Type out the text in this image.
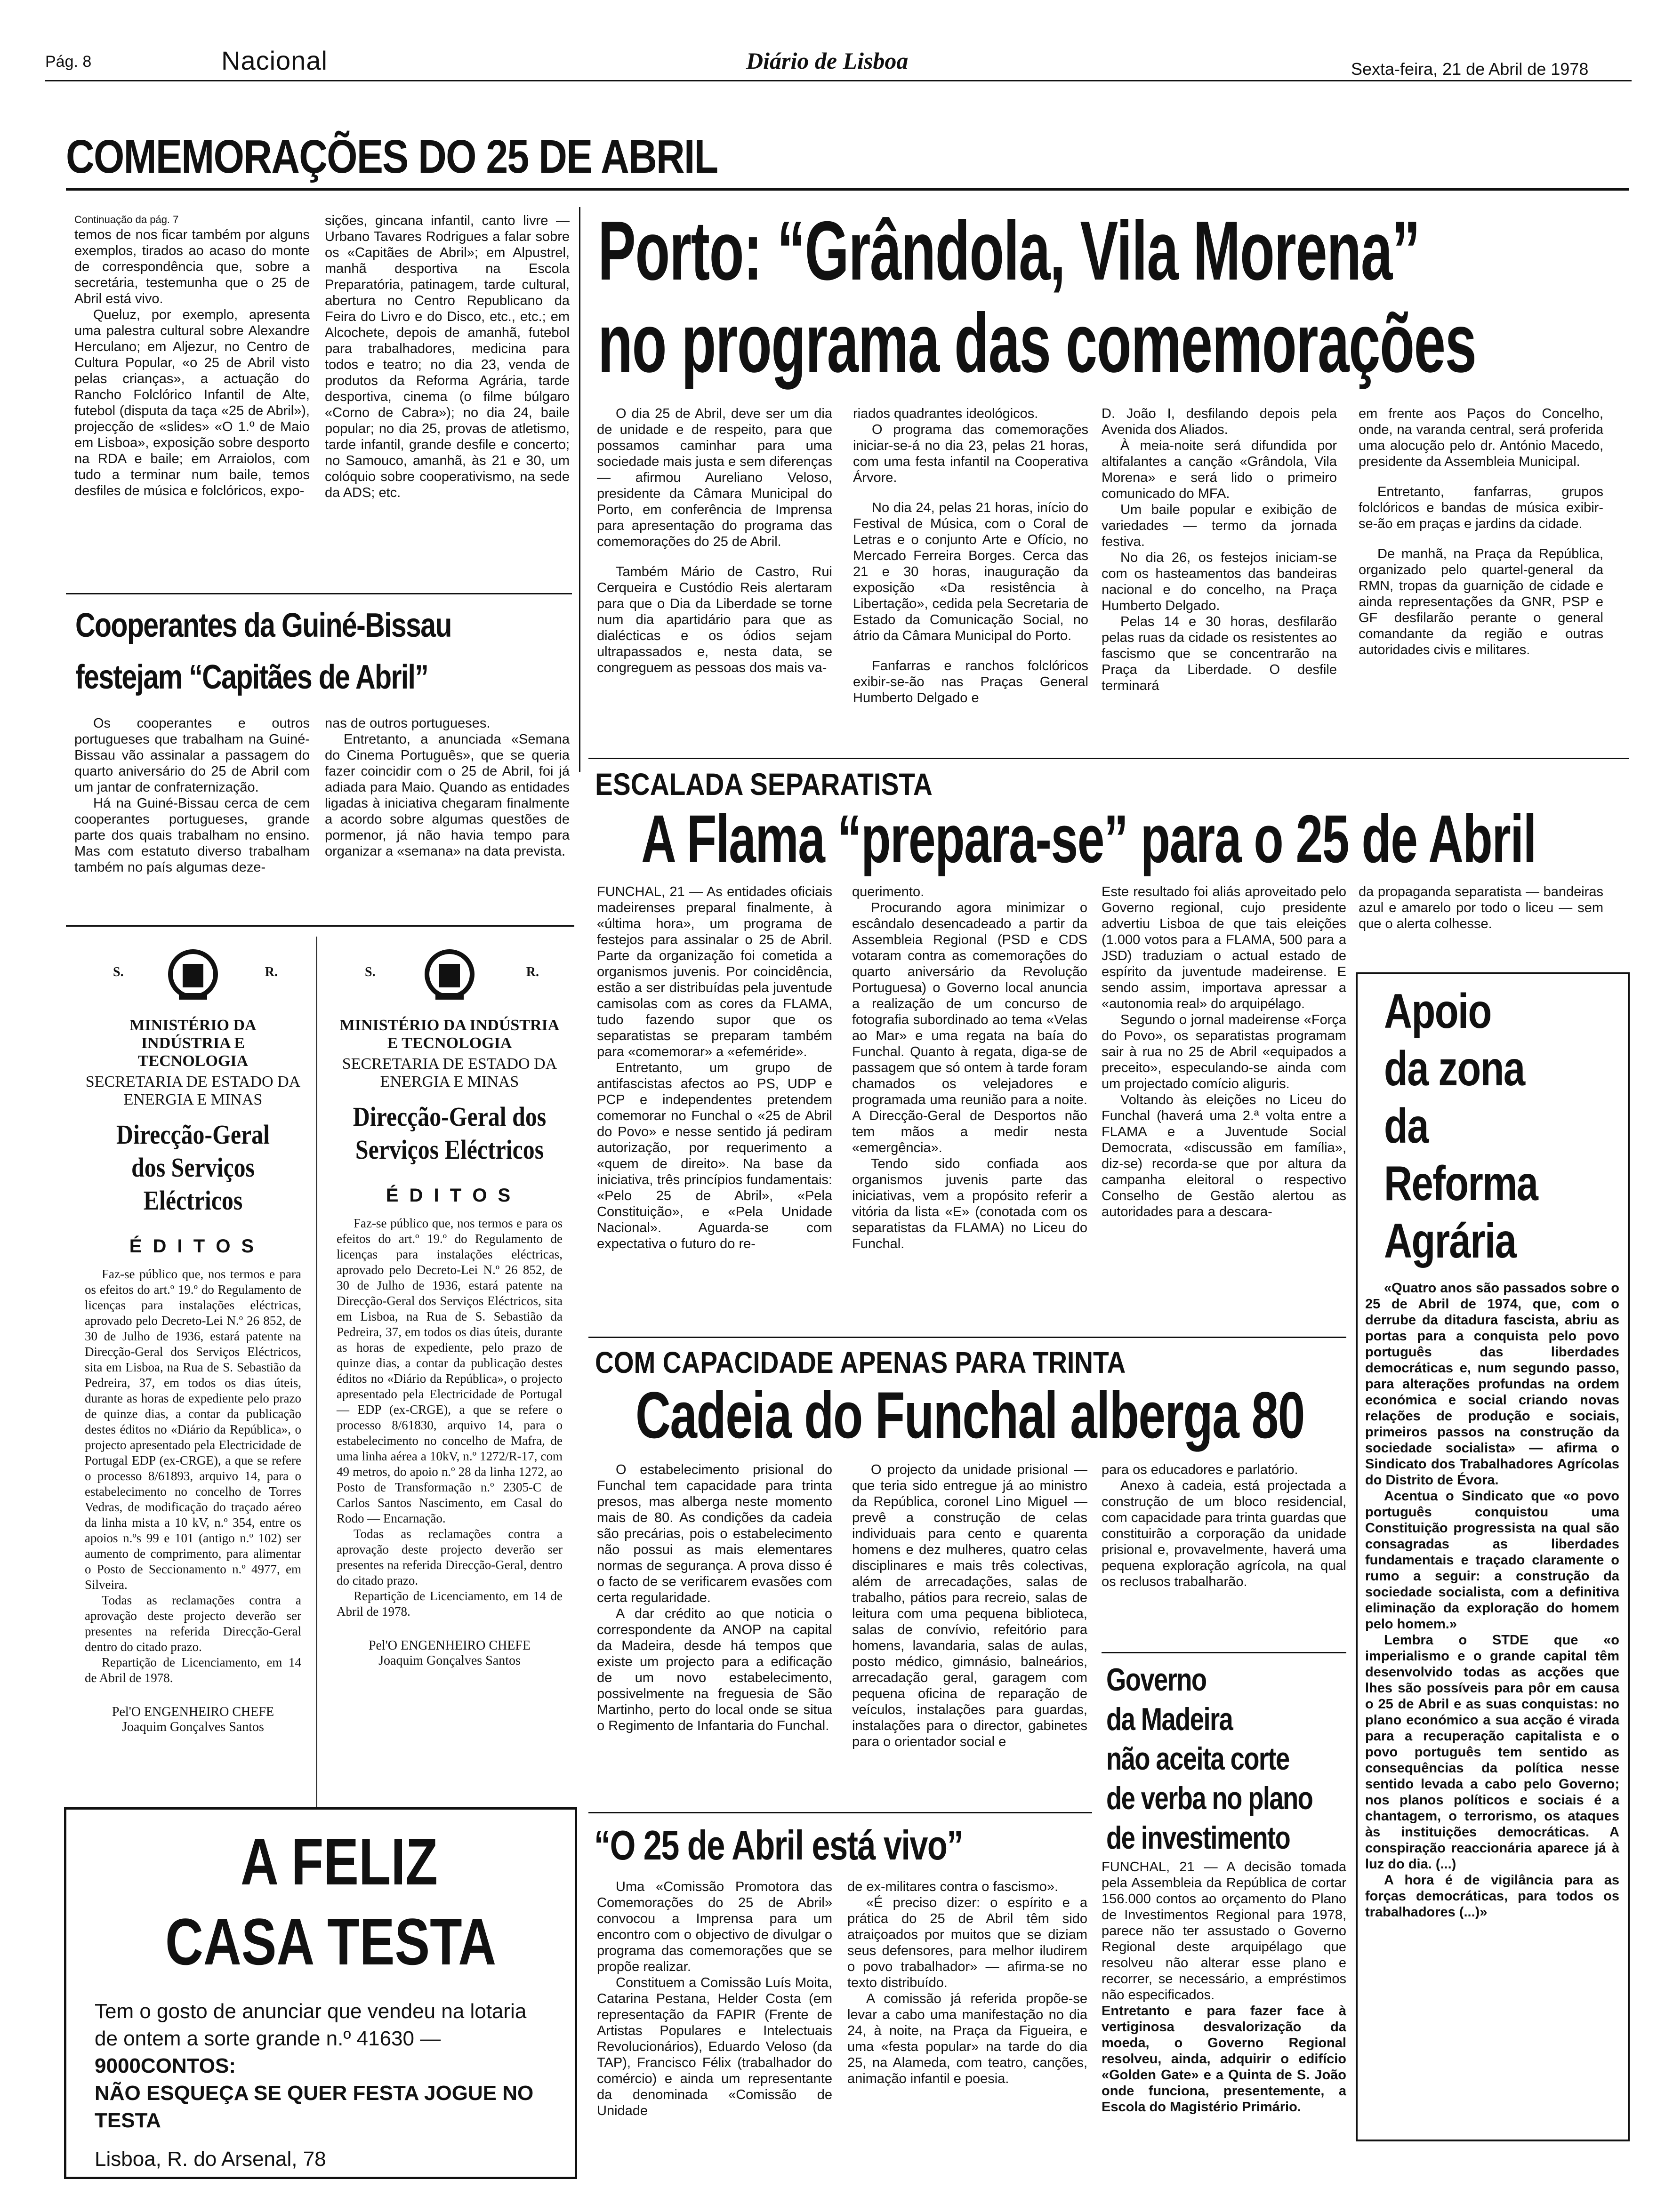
Pág. 8	Nacional	Diário de Lisboa	Sexta-feira, 21 de Abril de 1978
COMEMORAÇÕES DO 25 DE ABRIL
Continuação da pág. 7
temos de nos ficar também por alguns exemplos, tirados ao acaso do monte de correspondência que, sobre a secretária, testemunha que o 25 de Abril está vivo.

Queluz, por exemplo, apresenta uma palestra cultural sobre Alexandre Herculano; em Aljezur, no Centro de Cultura Popular, «o 25 de Abril visto pelas crianças», a actuação do Rancho Folclórico Infantil de Alte, futebol (disputa da taça «25 de Abril»), projecção de «slides» «O 1.º de Maio em Lisboa», exposição sobre desporto na RDA e baile; em Arraiolos, com tudo a terminar num baile, temos desfiles de música e folclóricos, expo-

sições, gincana infantil, canto livre — Urbano Tavares Rodrigues a falar sobre os «Capitães de Abril»; em Alpustrel, manhã desportiva na Escola Preparatória, patinagem, tarde cultural, abertura no Centro Republicano da Feira do Livro e do Disco, etc., etc.; em Alcochete, depois de amanhã, futebol para trabalhadores, medicina para todos e teatro; no dia 23, venda de produtos da Reforma Agrária, tarde desportiva, cinema (o filme búlgaro «Corno de Cabra»); no dia 24, baile popular; no dia 25, provas de atletismo, tarde infantil, grande desfile e concerto; no Samouco, amanhã, às 21 e 30, um colóquio sobre cooperativismo, na sede da ADS; etc.
Cooperantes da Guiné-Bissau
festejam “Capitães de Abril”

Os cooperantes e outros portugueses que trabalham na Guiné-Bissau vão assinalar a passagem do quarto aniversário do 25 de Abril com um jantar de confraternização.

Há na Guiné-Bissau cerca de cem cooperantes portugueses, grande parte dos quais trabalham no ensino. Mas com estatuto diverso trabalham também no país algumas deze-

nas de outros portugueses.

Entretanto, a anunciada «Semana do Cinema Português», que se queria fazer coincidir com o 25 de Abril, foi já adiada para Maio. Quando as entidades ligadas à iniciativa chegaram finalmente a acordo sobre algumas questões de pormenor, já não havia tempo para organizar a «semana» na data prevista.

Porto: “Grândola, Vila Morena”
no programa das comemorações

O dia 25 de Abril, deve ser um dia de unidade e de respeito, para que possamos caminhar para uma sociedade mais justa e sem diferenças — afirmou Aureliano Veloso, presidente da Câmara Municipal do Porto, em conferência de Imprensa para apresentação do programa das comemorações do 25 de Abril.

Também Mário de Castro, Rui Cerqueira e Custódio Reis alertaram para que o Dia da Liberdade se torne num dia apartidário para que as dialécticas e os ódios sejam ultrapassados e, nesta data, se congreguem as pessoas dos mais va-

riados quadrantes ideológicos.

O programa das comemorações iniciar-se-á no dia 23, pelas 21 horas, com uma festa infantil na Cooperativa Árvore.

No dia 24, pelas 21 horas, início do Festival de Música, com o Coral de Letras e o conjunto Arte e Ofício, no Mercado Ferreira Borges. Cerca das 21 e 30 horas, inauguração da exposição «Da resistência à Libertação», cedida pela Secretaria de Estado da Comunicação Social, no átrio da Câmara Municipal do Porto.

Fanfarras e ranchos folclóricos exibir-se-ão nas Praças General Humberto Delgado e

D. João I, desfilando depois pela Avenida dos Aliados.

À meia-noite será difundida por altifalantes a canção «Grândola, Vila Morena» e será lido o primeiro comunicado do MFA.

Um baile popular e exibição de variedades — termo da jornada festiva.

No dia 26, os festejos iniciam-se com os hasteamentos das bandeiras nacional e do concelho, na Praça Humberto Delgado.

Pelas 14 e 30 horas, desfilarão pelas ruas da cidade os resistentes ao fascismo que se concentrarão na Praça da Liberdade. O desfile terminará

em frente aos Paços do Concelho, onde, na varanda central, será proferida uma alocução pelo dr. António Macedo, presidente da Assembleia Municipal.

Entretanto, fanfarras, grupos folclóricos e bandas de música exibir-se-ão em praças e jardins da cidade.

De manhã, na Praça da República, organizado pelo quartel-general da RMN, tropas da guarnição de cidade e ainda representações da GNR, PSP e GF desfilarão perante o general comandante da região e outras autoridades civis e militares.

ESCALADA SEPARATISTA
A Flama “prepara-se” para o 25 de Abril
FUNCHAL, 21 — As entidades oficiais madeirenses preparal finalmente, à «última hora», um programa de festejos para assinalar o 25 de Abril. Parte da organização foi cometida a organismos juvenis. Por coincidência, estão a ser distribuídas pela juventude camisolas com as cores da FLAMA, tudo fazendo supor que os separatistas se preparam também para «comemorar» a «efeméride».

Entretanto, um grupo de antifascistas afectos ao PS, UDP e PCP e independentes pretendem comemorar no Funchal o «25 de Abril do Povo» e nesse sentido já pediram autorização, por requerimento a «quem de direito». Na base da iniciativa, três princípios fundamentais: «Pelo 25 de Abril», «Pela Constituição», e «Pela Unidade Nacional». Aguarda-se com expectativa o futuro do re-

querimento.

Procurando agora minimizar o escândalo desencadeado a partir da Assembleia Regional (PSD e CDS votaram contra as comemorações do quarto aniversário da Revolução Portuguesa) o Governo local anuncia a realização de um concurso de fotografia subordinado ao tema «Velas ao Mar» e uma regata na baía do Funchal. Quanto à regata, diga-se de passagem que só ontem à tarde foram chamados os velejadores e programada uma reunião para a noite. A Direcção-Geral de Desportos não tem mãos a medir nesta «emergência».

Tendo sido confiada aos organismos juvenis parte das iniciativas, vem a propósito referir a vitória da lista «E» (conotada com os separatistas da FLAMA) no Liceu do Funchal.

Este resultado foi aliás aproveitado pelo Governo regional, cujo presidente advertiu Lisboa de que tais eleições (1.000 votos para a FLAMA, 500 para a JSD) traduziam o actual estado de espírito da juventude madeirense. E sendo assim, importava apressar a «autonomia real» do arquipélago.

Segundo o jornal madeirense «Força do Povo», os separatistas programam sair à rua no 25 de Abril «equipados a preceito», especulando-se ainda com um projectado comício aliguris.

Voltando às eleições no Liceu do Funchal (haverá uma 2.ª volta entre a FLAMA e a Juventude Social Democrata, «discussão em família», diz-se) recorda-se que por altura da campanha eleitoral o respectivo Conselho de Gestão alertou as autoridades para a descara-

da propaganda separatista — bandeiras azul e amarelo por todo o liceu — sem que o alerta colhesse.
Apoio
da zona
da
Reforma
Agrária

«Quatro anos são passados sobre o 25 de Abril de 1974, que, com o derrube da ditadura fascista, abriu as portas para a conquista pelo povo português das liberdades democráticas e, num segundo passo, para alterações profundas na ordem económica e social criando novas relações de produção e sociais, primeiros passos na construção da sociedade socialista» — afirma o Sindicato dos Trabalhadores Agrícolas do Distrito de Évora.

Acentua o Sindicato que «o povo português conquistou uma Constituição progressista na qual são consagradas as liberdades fundamentais e traçado claramente o rumo a seguir: a construção da sociedade socialista, com a definitiva eliminação da exploração do homem pelo homem.»

Lembra o STDE que «o imperialismo e o grande capital têm desenvolvido todas as acções que lhes são possíveis para pôr em causa o 25 de Abril e as suas conquistas: no plano económico a sua acção é virada para a recuperação capitalista e o povo português tem sentido as consequências da política nesse sentido levada a cabo pelo Governo; nos planos políticos e sociais é a chantagem, o terrorismo, os ataques às instituições democráticas. A conspiração reaccionária aparece já à luz do dia. (...)

A hora é de vigilância para as forças democráticas, para todos os trabalhadores (...)»

COM CAPACIDADE APENAS PARA TRINTA
Cadeia do Funchal alberga 80

O estabelecimento prisional do Funchal tem capacidade para trinta presos, mas alberga neste momento mais de 80. As condições da cadeia são precárias, pois o estabelecimento não possui as mais elementares normas de segurança. A prova disso é o facto de se verificarem evasões com certa regularidade.

A dar crédito ao que noticia o correspondente da ANOP na capital da Madeira, desde há tempos que existe um projecto para a edificação de um novo estabelecimento, possivelmente na freguesia de São Martinho, perto do local onde se situa o Regimento de Infantaria do Funchal.

O projecto da unidade prisional — que teria sido entregue já ao ministro da República, coronel Lino Miguel — prevê a construção de celas individuais para cento e quarenta homens e dez mulheres, quatro celas disciplinares e mais três colectivas, além de arrecadações, salas de trabalho, pátios para recreio, salas de leitura com uma pequena biblioteca, salas de convívio, refeitório para homens, lavandaria, salas de aulas, posto médico, gimnásio, balneários, arrecadação geral, garagem com pequena oficina de reparação de veículos, instalações para guardas, instalações para o director, gabinetes para o orientador social e

para os educadores e parlatório.

Anexo à cadeia, está projectada a construção de um bloco residencial, com capacidade para trinta guardas que constituirão a corporação da unidade prisional e, provavelmente, haverá uma pequena exploração agrícola, na qual os reclusos trabalharão.

Governo
da Madeira
não aceita corte
de verba no plano
de investimento
FUNCHAL, 21 — A decisão tomada pela Assembleia da República de cortar 156.000 contos ao orçamento do Plano de Investimentos Regional para 1978, parece não ter assustado o Governo Regional deste arquipélago que resolveu não alterar esse plano e recorrer, se necessário, a empréstimos não especificados.
Entretanto e para fazer face à vertiginosa desvalorização da moeda, o Governo Regional resolveu, ainda, adquirir o edifício «Golden Gate» e a Quinta de S. João onde funciona, presentemente, a Escola do Magistério Primário.
“O 25 de Abril está vivo”

Uma «Comissão Promotora das Comemorações do 25 de Abril» convocou a Imprensa para um encontro com o objectivo de divulgar o programa das comemorações que se propõe realizar.

Constituem a Comissão Luís Moita, Catarina Pestana, Helder Costa (em representação da FAPIR (Frente de Artistas Populares e Intelectuais Revolucionários), Eduardo Veloso (da TAP), Francisco Félix (trabalhador do comércio) e ainda um representante da denominada «Comissão de Unidade

de ex-militares contra o fascismo».

«É preciso dizer: o espírito e a prática do 25 de Abril têm sido atraiçoados por muitos que se diziam seus defensores, para melhor iludirem o povo trabalhador» — afirma-se no texto distribuído.

A comissão já referida propõe-se levar a cabo uma manifestação no dia 24, à noite, na Praça da Figueira, e uma «festa popular» na tarde do dia 25, na Alameda, com teatro, canções, animação infantil e poesia.

S.	R.
MINISTÉRIO DA INDÚSTRIA E TECNOLOGIA
SECRETARIA DE ESTADO DA ENERGIA E MINAS
Direcção-Geral dos Serviços Eléctricos
É D I T O S

Faz-se público que, nos termos e para os efeitos do art.º 19.º do Regulamento de licenças para instalações eléctricas, aprovado pelo Decreto-Lei N.º 26 852, de 30 de Julho de 1936, estará patente na Direcção-Geral dos Serviços Eléctricos, sita em Lisboa, na Rua de S. Sebastião da Pedreira, 37, em todos os dias úteis, durante as horas de expediente pelo prazo de quinze dias, a contar da publicação destes éditos no «Diário da República», o projecto apresentado pela Electricidade de Portugal EDP (ex-CRGE), a que se refere o processo 8/61893, arquivo 14, para o estabelecimento no concelho de Torres Vedras, de modificação do traçado aéreo da linha mista a 10 kV, n.º 354, entre os apoios n.ºs 99 e 101 (antigo n.º 102) ser aumento de comprimento, para alimentar o Posto de Seccionamento n.º 4977, em Silveira.

Todas as reclamações contra a aprovação deste projecto deverão ser presentes na referida Direcção-Geral dentro do citado prazo.

Repartição de Licenciamento, em 14 de Abril de 1978.

Pel'O ENGENHEIRO CHEFE
Joaquim Gonçalves Santos
S.	R.
MINISTÉRIO DA INDÚSTRIA E TECNOLOGIA
SECRETARIA DE ESTADO DA ENERGIA E MINAS
Direcção-Geral dos Serviços Eléctricos
É D I T O S

Faz-se público que, nos termos e para os efeitos do art.º 19.º do Regulamento de licenças para instalações eléctricas, aprovado pelo Decreto-Lei N.º 26 852, de 30 de Julho de 1936, estará patente na Direcção-Geral dos Serviços Eléctricos, sita em Lisboa, na Rua de S. Sebastião da Pedreira, 37, em todos os dias úteis, durante as horas de expediente, pelo prazo de quinze dias, a contar da publicação destes éditos no «Diário da República», o projecto apresentado pela Electricidade de Portugal — EDP (ex-CRGE), a que se refere o processo 8/61830, arquivo 14, para o estabelecimento no concelho de Mafra, de uma linha aérea a 10kV, n.º 1272/R-17, com 49 metros, do apoio n.º 28 da linha 1272, ao Posto de Transformação n.º 2305-C de Carlos Santos Nascimento, em Casal do Rodo — Encarnação.

Todas as reclamações contra a aprovação deste projecto deverão ser presentes na referida Direcção-Geral, dentro do citado prazo.

Repartição de Licenciamento, em 14 de Abril de 1978.

Pel'O ENGENHEIRO CHEFE
Joaquim Gonçalves Santos
A FELIZ
CASA TESTA
Tem o gosto de anunciar que vendeu na lotaria de ontem a sorte grande n.º 41630 —
9000CONTOS:
NÃO ESQUEÇA SE QUER FESTA JOGUE NO TESTA
Lisboa, R. do Arsenal, 78
